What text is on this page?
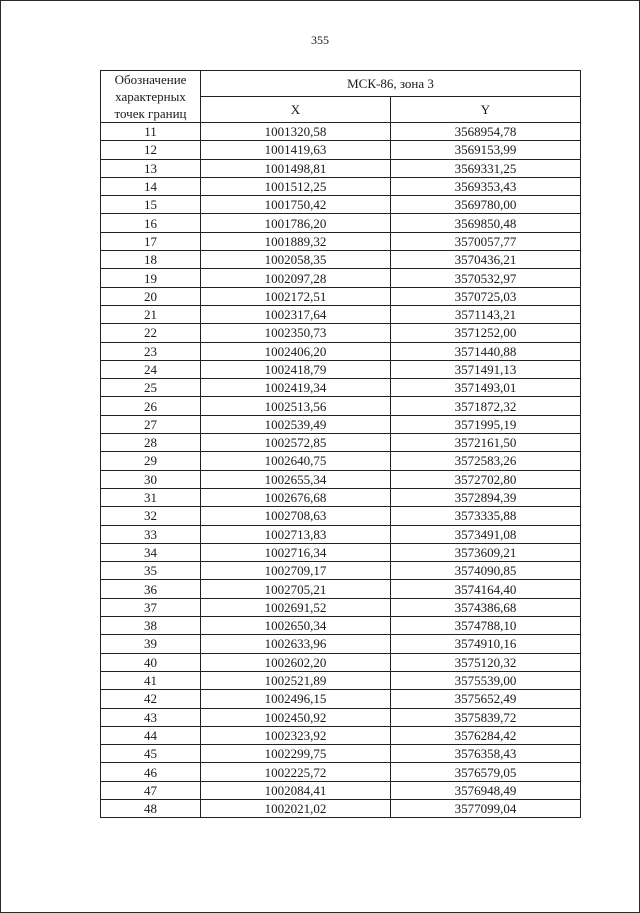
355
Обозначение характерных точек границ	МСК-86, зона 3	
	X	Y
11	1001320,58	3568954,78
12	1001419,63	3569153,99
13	1001498,81	3569331,25
14	1001512,25	3569353,43
15	1001750,42	3569780,00
16	1001786,20	3569850,48
17	1001889,32	3570057,77
18	1002058,35	3570436,21
19	1002097,28	3570532,97
20	1002172,51	3570725,03
21	1002317,64	3571143,21
22	1002350,73	3571252,00
23	1002406,20	3571440,88
24	1002418,79	3571491,13
25	1002419,34	3571493,01
26	1002513,56	3571872,32
27	1002539,49	3571995,19
28	1002572,85	3572161,50
29	1002640,75	3572583,26
30	1002655,34	3572702,80
31	1002676,68	3572894,39
32	1002708,63	3573335,88
33	1002713,83	3573491,08
34	1002716,34	3573609,21
35	1002709,17	3574090,85
36	1002705,21	3574164,40
37	1002691,52	3574386,68
38	1002650,34	3574788,10
39	1002633,96	3574910,16
40	1002602,20	3575120,32
41	1002521,89	3575539,00
42	1002496,15	3575652,49
43	1002450,92	3575839,72
44	1002323,92	3576284,42
45	1002299,75	3576358,43
46	1002225,72	3576579,05
47	1002084,41	3576948,49
48	1002021,02	3577099,04
